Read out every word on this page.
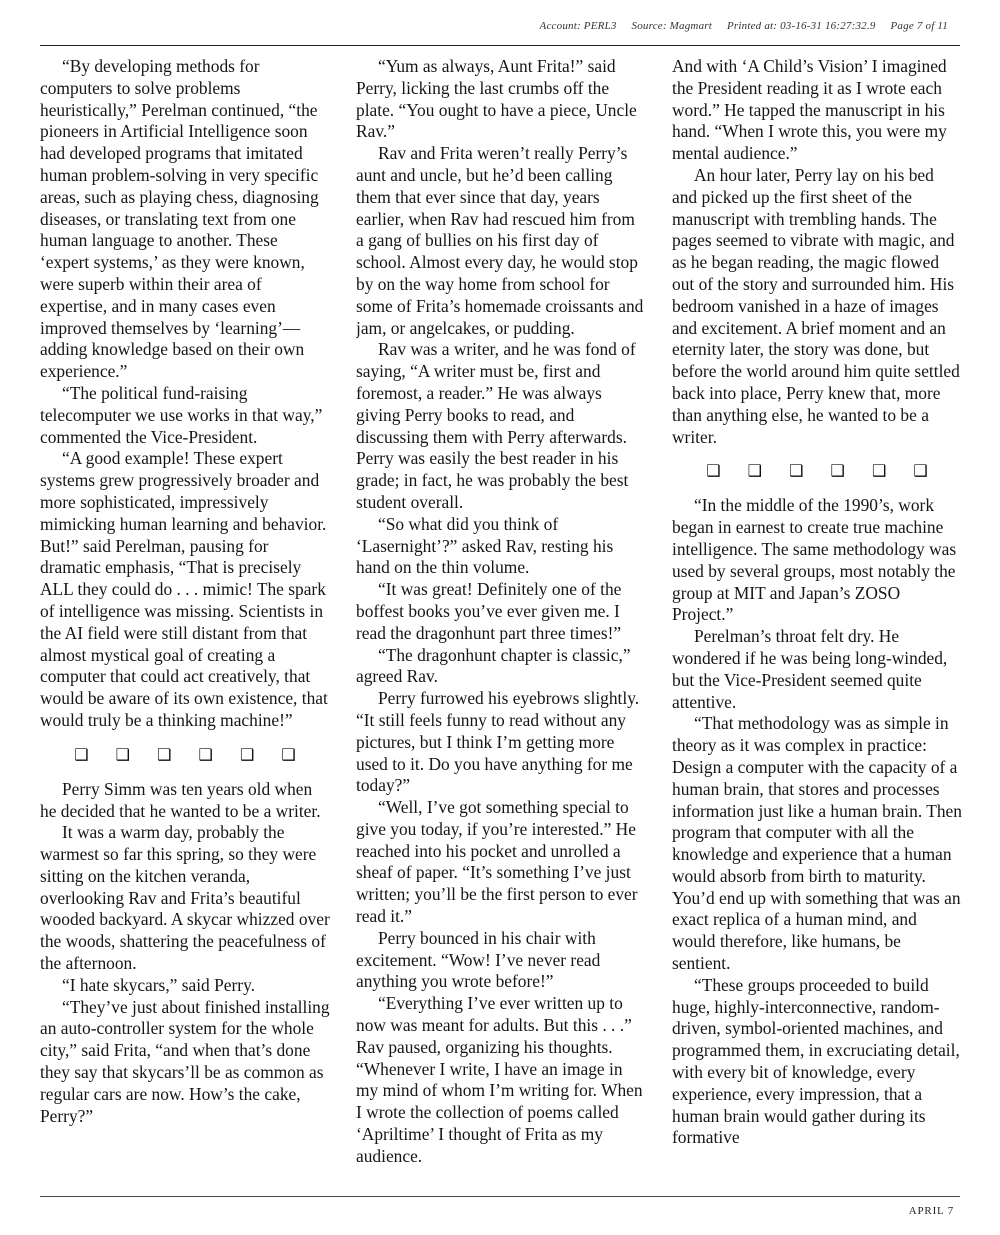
Account: PERL3 Source: Magmart Printed at: 03-16-31 16:27:32.9 Page 7 of 11

“By developing methods for computers to solve problems heuristically,” Perelman continued, “the pioneers in Artificial Intelligence soon had developed programs that imitated human problem-solving in very specific areas, such as playing chess, diagnosing diseases, or translating text from one human language to another. These ‘expert systems,’ as they were known, were superb within their area of expertise, and in many cases even improved themselves by ‘learning’—adding knowledge based on their own experience.”

“The political fund-raising telecomputer we use works in that way,” commented the Vice-President.

“A good example! These expert systems grew progressively broader and more sophisticated, impressively mimicking human learning and behavior. But!” said Perelman, pausing for dramatic emphasis, “That is precisely ALL they could do . . . mimic! The spark of intelligence was missing. Scientists in the AI field were still distant from that almost mystical goal of creating a computer that could act creatively, that would be aware of its own existence, that would truly be a thinking machine!”

❑ ❑ ❑ ❑ ❑ ❑

Perry Simm was ten years old when he decided that he wanted to be a writer.

It was a warm day, probably the warmest so far this spring, so they were sitting on the kitchen veranda, overlooking Rav and Frita’s beautiful wooded backyard. A skycar whizzed over the woods, shattering the peacefulness of the afternoon.

“I hate skycars,” said Perry.

“They’ve just about finished installing an auto-controller system for the whole city,” said Frita, “and when that’s done they say that skycars’ll be as common as regular cars are now. How’s the cake, Perry?”

“Yum as always, Aunt Frita!” said Perry, licking the last crumbs off the plate. “You ought to have a piece, Uncle Rav.”

Rav and Frita weren’t really Perry’s aunt and uncle, but he’d been calling them that ever since that day, years earlier, when Rav had rescued him from a gang of bullies on his first day of school. Almost every day, he would stop by on the way home from school for some of Frita’s homemade croissants and jam, or angelcakes, or pudding.

Rav was a writer, and he was fond of saying, “A writer must be, first and foremost, a reader.” He was always giving Perry books to read, and discussing them with Perry afterwards. Perry was easily the best reader in his grade; in fact, he was probably the best student overall.

“So what did you think of ‘Lasernight’?” asked Rav, resting his hand on the thin volume.

“It was great! Definitely one of the boffest books you’ve ever given me. I read the dragonhunt part three times!”

“The dragonhunt chapter is classic,” agreed Rav.

Perry furrowed his eyebrows slightly. “It still feels funny to read without any pictures, but I think I’m getting more used to it. Do you have anything for me today?”

“Well, I’ve got something special to give you today, if you’re interested.” He reached into his pocket and unrolled a sheaf of paper. “It’s something I’ve just written; you’ll be the first person to ever read it.”

Perry bounced in his chair with excitement. “Wow! I’ve never read anything you wrote before!”

“Everything I’ve ever written up to now was meant for adults. But this . . .” Rav paused, organizing his thoughts. “Whenever I write, I have an image in my mind of whom I’m writing for. When I wrote the collection of poems called ‘Apriltime’ I thought of Frita as my audience.

And with ‘A Child’s Vision’ I imagined the President reading it as I wrote each word.” He tapped the manuscript in his hand. “When I wrote this, you were my mental audience.”

An hour later, Perry lay on his bed and picked up the first sheet of the manuscript with trembling hands. The pages seemed to vibrate with magic, and as he began reading, the magic flowed out of the story and surrounded him. His bedroom vanished in a haze of images and excitement. A brief moment and an eternity later, the story was done, but before the world around him quite settled back into place, Perry knew that, more than anything else, he wanted to be a writer.

❑ ❑ ❑ ❑ ❑ ❑

“In the middle of the 1990’s, work began in earnest to create true machine intelligence. The same methodology was used by several groups, most notably the group at MIT and Japan’s ZOSO Project.”

Perelman’s throat felt dry. He wondered if he was being long-winded, but the Vice-President seemed quite attentive.

“That methodology was as simple in theory as it was complex in practice: Design a computer with the capacity of a human brain, that stores and processes information just like a human brain. Then program that computer with all the knowledge and experience that a human would absorb from birth to maturity. You’d end up with something that was an exact replica of a human mind, and would therefore, like humans, be sentient.

“These groups proceeded to build huge, highly-interconnective, random-driven, symbol-oriented machines, and programmed them, in excruciating detail, with every bit of knowledge, every experience, every impression, that a human brain would gather during its formative

APRIL 7
